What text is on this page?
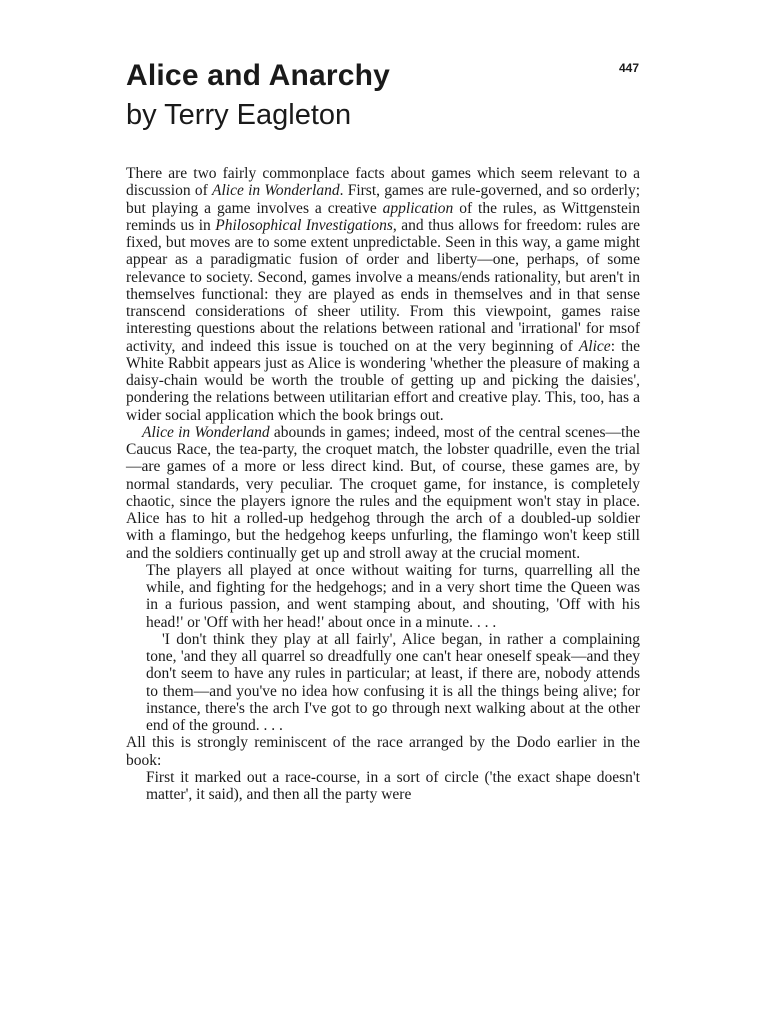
447
Alice and Anarchy
by Terry Eagleton

There are two fairly commonplace facts about games which seem relevant to a discussion of Alice in Wonderland. First, games are rule-governed, and so orderly; but playing a game involves a creative application of the rules, as Wittgenstein reminds us in Philosophical Investigations, and thus allows for freedom: rules are fixed, but moves are to some extent unpredictable. Seen in this way, a game might appear as a paradigmatic fusion of order and liberty—one, perhaps, of some relevance to society. Second, games involve a means/ends rationality, but aren't in themselves functional: they are played as ends in themselves and in that sense transcend considerations of sheer utility. From this viewpoint, games raise interesting questions about the relations between rational and 'irrational' for msof activity, and indeed this issue is touched on at the very beginning of Alice: the White Rabbit appears just as Alice is wondering 'whether the pleasure of making a daisy-chain would be worth the trouble of getting up and picking the daisies', pondering the relations between utilitarian effort and creative play. This, too, has a wider social application which the book brings out.

Alice in Wonderland abounds in games; indeed, most of the central scenes—the Caucus Race, the tea-party, the croquet match, the lobster quadrille, even the trial—are games of a more or less direct kind. But, of course, these games are, by normal standards, very peculiar. The croquet game, for instance, is completely chaotic, since the players ignore the rules and the equipment won't stay in place. Alice has to hit a rolled-up hedgehog through the arch of a doubled-up soldier with a flamingo, but the hedgehog keeps unfurling, the flamingo won't keep still and the soldiers continually get up and stroll away at the crucial moment.

The players all played at once without waiting for turns, quarrelling all the while, and fighting for the hedgehogs; and in a very short time the Queen was in a furious passion, and went stamping about, and shouting, 'Off with his head!' or 'Off with her head!' about once in a minute. . . .

'I don't think they play at all fairly', Alice began, in rather a complaining tone, 'and they all quarrel so dreadfully one can't hear oneself speak—and they don't seem to have any rules in particular; at least, if there are, nobody attends to them—and you've no idea how confusing it is all the things being alive; for instance, there's the arch I've got to go through next walking about at the other end of the ground. . . .

All this is strongly reminiscent of the race arranged by the Dodo earlier in the book:

First it marked out a race-course, in a sort of circle ('the exact shape doesn't matter', it said), and then all the party were
